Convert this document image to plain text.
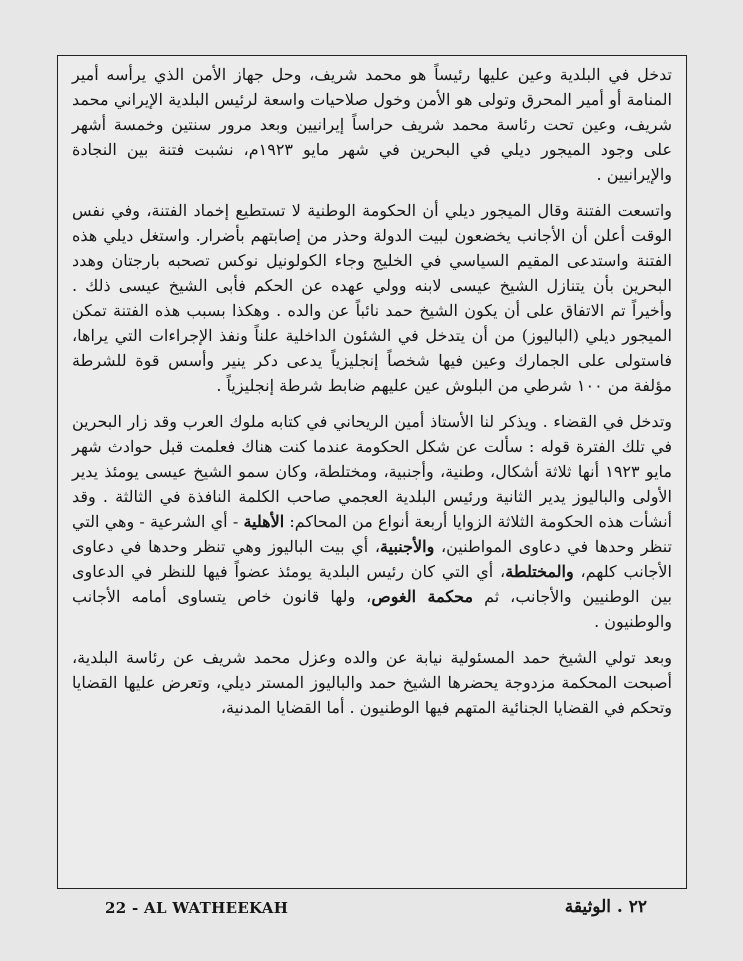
تدخل في البلدية وعين عليها رئيساً هو محمد شريف، وحل جهاز الأمن الذي يرأسه أمير المنامة أو أمير المحرق وتولى هو الأمن وخول صلاحيات واسعة لرئيس البلدية الإيراني محمد شريف، وعين تحت رئاسة محمد شريف حراساً إيرانيين وبعد مرور سنتين وخمسة أشهر على وجود الميجور ديلي في البحرين في شهر مايو ١٩٢٣م، نشبت فتنة بين النجادة والإيرانيين .

واتسعت الفتنة وقال الميجور ديلي أن الحكومة الوطنية لا تستطيع إخماد الفتنة، وفي نفس الوقت أعلن أن الأجانب يخضعون لبيت الدولة وحذر من إصابتهم بأضرار. واستغل ديلي هذه الفتنة واستدعى المقيم السياسي في الخليج وجاء الكولونيل نوكس تصحبه بارجتان وهدد البحرين بأن يتنازل الشيخ عيسى لابنه وولي عهده عن الحكم فأبى الشيخ عيسى ذلك . وأخيراً تم الاتفاق على أن يكون الشيخ حمد نائباً عن والده . وهكذا بسبب هذه الفتنة تمكن الميجور ديلي (الباليوز) من أن يتدخل في الشئون الداخلية علناً ونفذ الإجراءات التي يراها، فاستولى على الجمارك وعين فيها شخصاً إنجليزياً يدعى دكر ينير وأسس قوة للشرطة مؤلفة من ١٠٠ شرطي من البلوش عين عليهم ضابط شرطة إنجليزياً .

وتدخل في القضاء . ويذكر لنا الأستاذ أمين الريحاني في كتابه ملوك العرب وقد زار البحرين في تلك الفترة قوله : سألت عن شكل الحكومة عندما كنت هناك فعلمت قبل حوادث شهر مايو ١٩٢٣ أنها ثلاثة أشكال، وطنية، وأجنبية، ومختلطة، وكان سمو الشيخ عيسى يومئذ يدير الأولى والباليوز يدير الثانية ورئيس البلدية العجمي صاحب الكلمة النافذة في الثالثة . وقد أنشأت هذه الحكومة الثلاثة الزوايا أربعة أنواع من المحاكم: الأهلية - أي الشرعية - وهي التي تنظر وحدها في دعاوى المواطنين، والأجنبية، أي بيت الباليوز وهي تنظر وحدها في دعاوى الأجانب كلهم، والمختلطة، أي التي كان رئيس البلدية يومئذ عضواً فيها للنظر في الدعاوى بين الوطنيين والأجانب، ثم محكمة الغوص، ولها قانون خاص يتساوى أمامه الأجانب والوطنيون .

وبعد تولي الشيخ حمد المسئولية نيابة عن والده وعزل محمد شريف عن رئاسة البلدية، أصبحت المحكمة مزدوجة يحضرها الشيخ حمد والباليوز المستر ديلي، وتعرض عليها القضايا وتحكم في القضايا الجنائية المتهم فيها الوطنيون . أما القضايا المدنية،

22 - AL WATHEEKAH	٢٢ . الوثيقة
